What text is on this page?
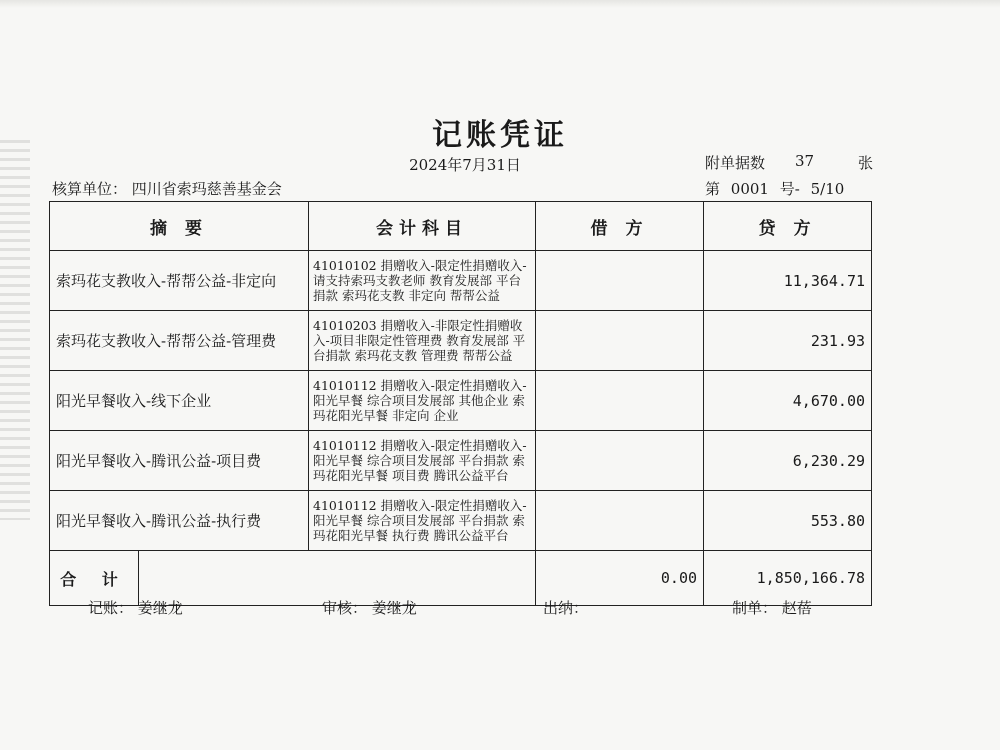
记账凭证
2024年7月31日	附单据数 37	张
核算单位： 四川省索玛慈善基金会	第 0001 号- 5/10
摘 要		会计科目	借 方	贷 方
索玛花支教收入-帮帮公益-非定向		41010102 捐赠收入-限定性捐赠收入-请支持索玛支教老师 教育发展部 平台捐款 索玛花支教 非定向 帮帮公益		11,364.71
索玛花支教收入-帮帮公益-管理费		41010203 捐赠收入-非限定性捐赠收入-项目非限定性管理费 教育发展部 平台捐款 索玛花支教 管理费 帮帮公益		231.93
阳光早餐收入-线下企业		41010112 捐赠收入-限定性捐赠收入-阳光早餐 综合项目发展部 其他企业 索玛花阳光早餐 非定向 企业		4,670.00
阳光早餐收入-腾讯公益-项目费		41010112 捐赠收入-限定性捐赠收入-阳光早餐 综合项目发展部 平台捐款 索玛花阳光早餐 项目费 腾讯公益平台		6,230.29
阳光早餐收入-腾讯公益-执行费		41010112 捐赠收入-限定性捐赠收入-阳光早餐 综合项目发展部 平台捐款 索玛花阳光早餐 执行费 腾讯公益平台		553.80
合 计			0.00	1,850,166.78
记账： 姜继龙	审核： 姜继龙	出纳：	制单： 赵蓓
